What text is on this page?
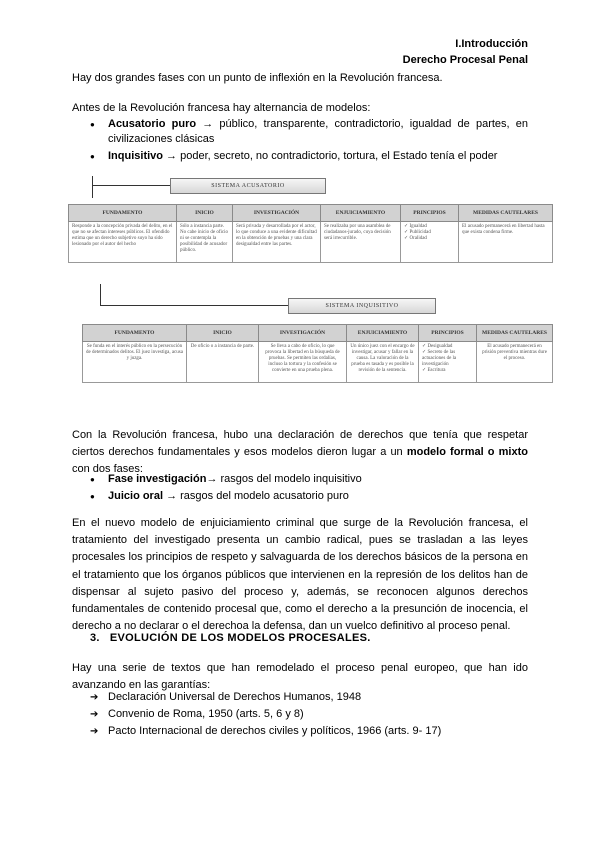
I.Introducción
Derecho Procesal Penal
Hay dos grandes fases con un punto de inflexión en la Revolución francesa.
Antes de la Revolución francesa hay alternancia de modelos:
● Acusatorio puro → público, transparente, contradictorio, igualdad de partes, en civilizaciones clásicas
● Inquisitivo → poder, secreto, no contradictorio, tortura, el Estado tenía el poder
SISTEMA ACUSATORIO
FUNDAMENTO	INICIO	INVESTIGACIÓN	ENJUICIAMIENTO	PRINCIPIOS	MEDIDAS CAUTELARES
Responde a la concepción privada del delito, en el que no se afectan intereses públicos. El ofendido estima que un derecho subjetivo suyo ha sido lesionado por el autor del hecho	Sólo a instancia parte. No cabe inicio de oficio ni se contempla la posibilidad de acusador público.	Será privada y desarrollada por el actor, lo que conduce a una evidente dificultad en la obtención de pruebas y una clara desigualdad entre las partes.	Se realizaba por una asamblea de ciudadanos-jurado, cuya decisión será irrecurrible.	✓ Igualdad
✓ Publicidad
✓ Oralidad	El acusado permanecerá en libertad hasta que exista condena firme.
SISTEMA INQUISITIVO
FUNDAMENTO	INICIO	INVESTIGACIÓN	ENJUICIAMIENTO	PRINCIPIOS	MEDIDAS CAUTELARES
Se funda en el interés público en la persecución de determinados delitos. El juez investiga, acusa y juzga.	De oficio o a instancia de parte.	Se lleva a cabo de oficio, lo que provoca la libertad en la búsqueda de pruebas. Se permiten las ordalías, incluso la tortura y la confesión se convierte en una prueba plena.	Un único juez con el encargo de investigar, acusar y fallar en la causa. La valoración de la prueba es tasada y es posible la revisión de la sentencia.	✓ Desigualdad
✓ Secreto de las actuaciones de la investigación
✓ Escritura	El acusado permanecerá en prisión preventiva mientras dure el proceso.
Con la Revolución francesa, hubo una declaración de derechos que tenía que respetar ciertos derechos fundamentales y esos modelos dieron lugar a un modelo formal o mixto con dos fases:
● Fase investigación→ rasgos del modelo inquisitivo
● Juicio oral → rasgos del modelo acusatorio puro
En el nuevo modelo de enjuiciamiento criminal que surge de la Revolución francesa, el tratamiento del investigado presenta un cambio radical, pues se trasladan a las leyes procesales los principios de respeto y salvaguarda de los derechos básicos de la persona en el tratamiento que los órganos públicos que intervienen en la represión de los delitos han de dispensar al sujeto pasivo del proceso y, además, se reconocen algunos derechos fundamentales de contenido procesal que, como el derecho a la presunción de inocencia, el derecho a no declarar o el derechoa la defensa, dan un vuelco definitivo al proceso penal.
3. EVOLUCIÓN DE LOS MODELOS PROCESALES.
Hay una serie de textos que han remodelado el proceso penal europeo, que han ido avanzando en las garantías:
➔ Declaración Universal de Derechos Humanos, 1948
➔ Convenio de Roma, 1950 (arts. 5, 6 y 8)
➔ Pacto Internacional de derechos civiles y políticos, 1966 (arts. 9- 17)
